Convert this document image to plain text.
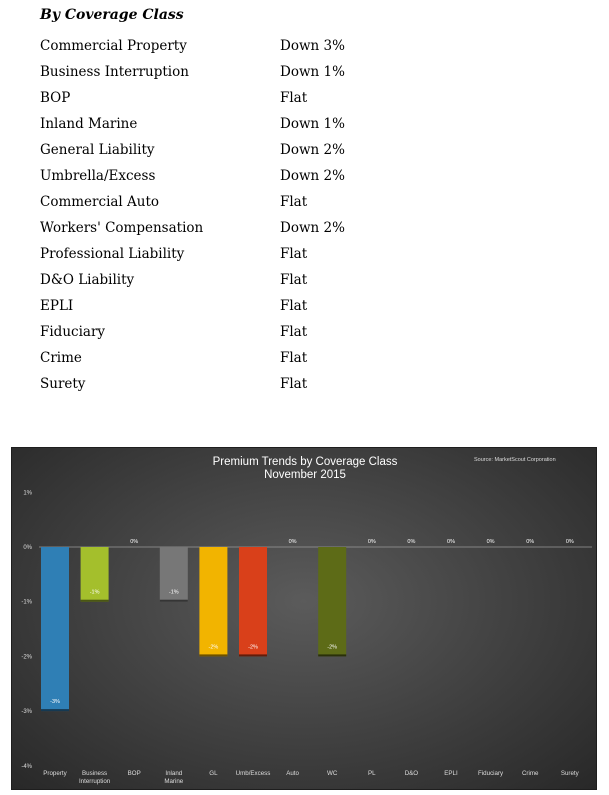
By Coverage Class
Commercial Property	Down 3%
Business Interruption	Down 1%
BOP	Flat
Inland Marine	Down 1%
General Liability	Down 2%
Umbrella/Excess	Down 2%
Commercial Auto	Flat
Workers' Compensation	Down 2%
Professional Liability	Flat
D&O Liability	Flat
EPLI	Flat
Fiduciary	Flat
Crime	Flat
Surety	Flat
Premium Trends by Coverage Class
November 2015
Source: MarketScout Corporation
1%
0%
-1%
-2%
-3%
-4%
-3%
Property
-1%
Business
Interruption
0%
BOP
-1%
Inland
Marine
-2%
GL
-2%
Umb/Excess
0%
Auto
-2%
WC
0%
PL
0%
D&O
0%
EPLI
0%
Fiduciary
0%
Crime
0%
Surety
